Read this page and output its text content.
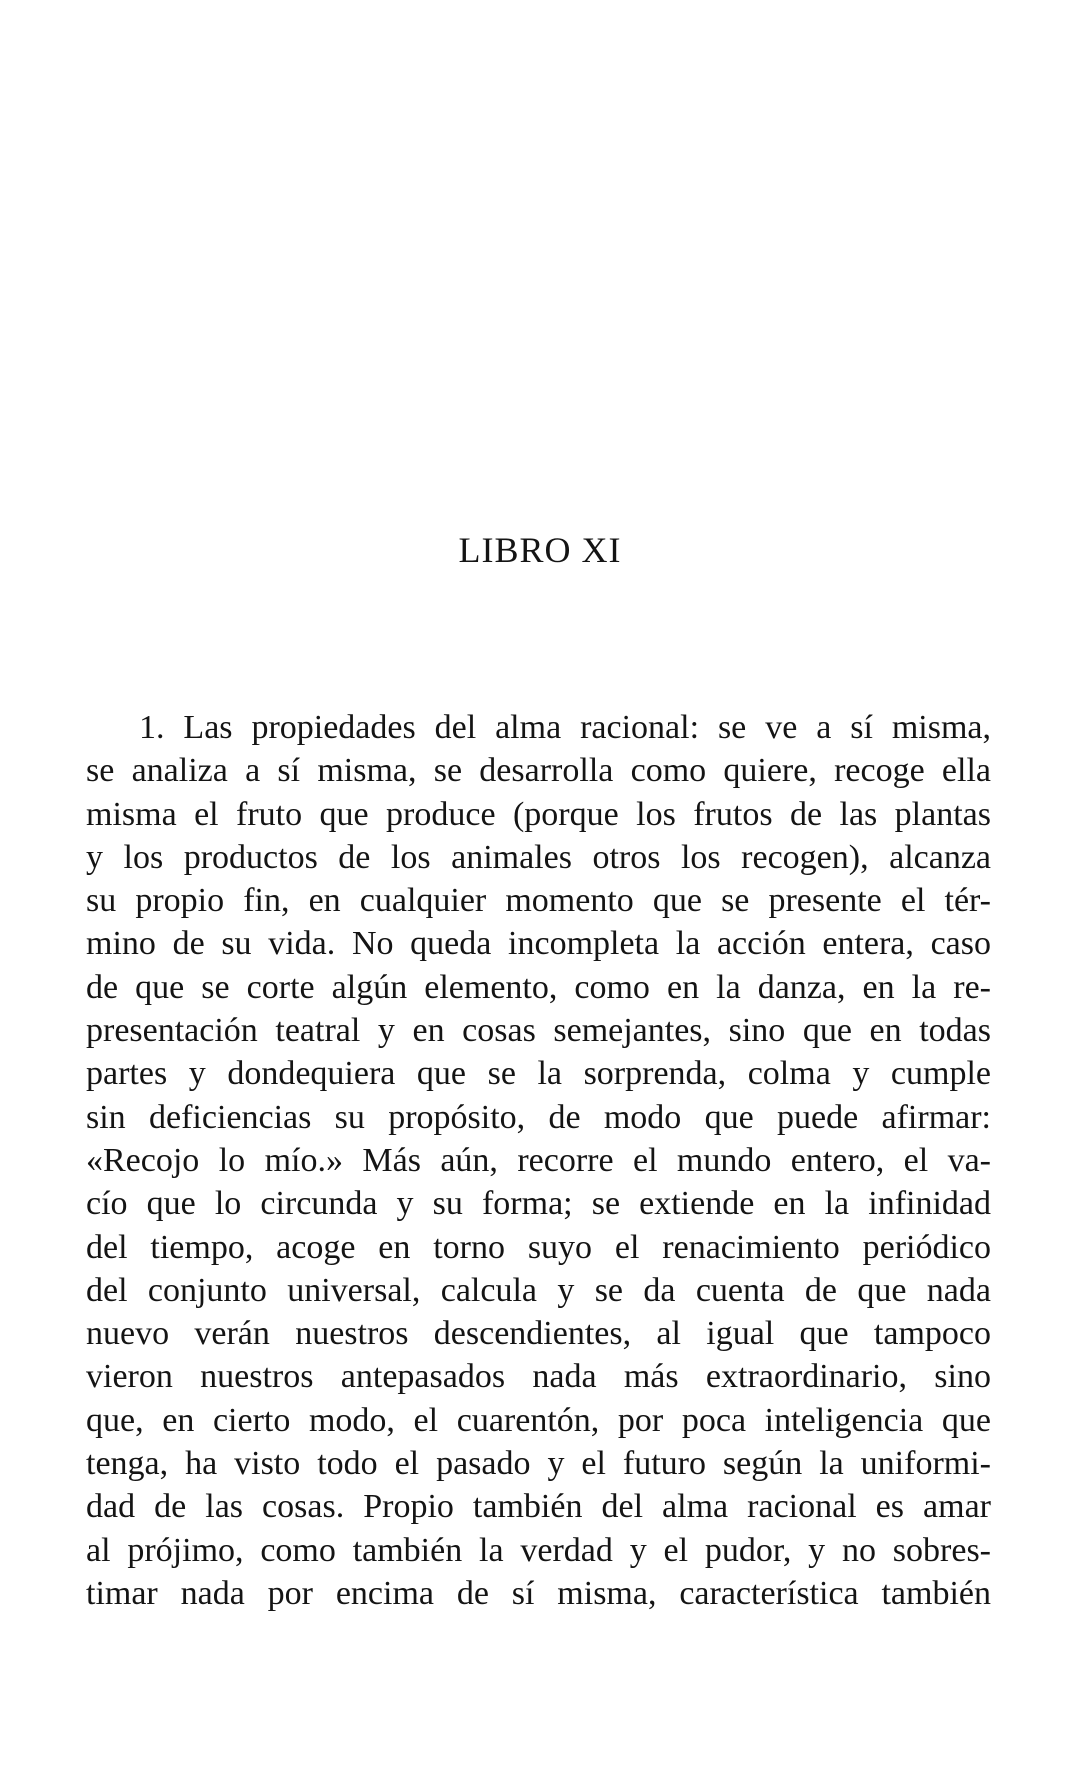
LIBRO XI
1. Las propiedades del alma racional: se ve a sí misma,
se analiza a sí misma, se desarrolla como quiere, recoge ella
misma el fruto que produce (porque los frutos de las plantas
y los productos de los animales otros los recogen), alcanza
su propio fin, en cualquier momento que se presente el tér-
mino de su vida. No queda incompleta la acción entera, caso
de que se corte algún elemento, como en la danza, en la re-
presentación teatral y en cosas semejantes, sino que en todas
partes y dondequiera que se la sorprenda, colma y cumple
sin deficiencias su propósito, de modo que puede afirmar:
«Recojo lo mío.» Más aún, recorre el mundo entero, el va-
cío que lo circunda y su forma; se extiende en la infinidad
del tiempo, acoge en torno suyo el renacimiento periódico
del conjunto universal, calcula y se da cuenta de que nada
nuevo verán nuestros descendientes, al igual que tampoco
vieron nuestros antepasados nada más extraordinario, sino
que, en cierto modo, el cuarentón, por poca inteligencia que
tenga, ha visto todo el pasado y el futuro según la uniformi-
dad de las cosas. Propio también del alma racional es amar
al prójimo, como también la verdad y el pudor, y no sobres-
timar nada por encima de sí misma, característica también
